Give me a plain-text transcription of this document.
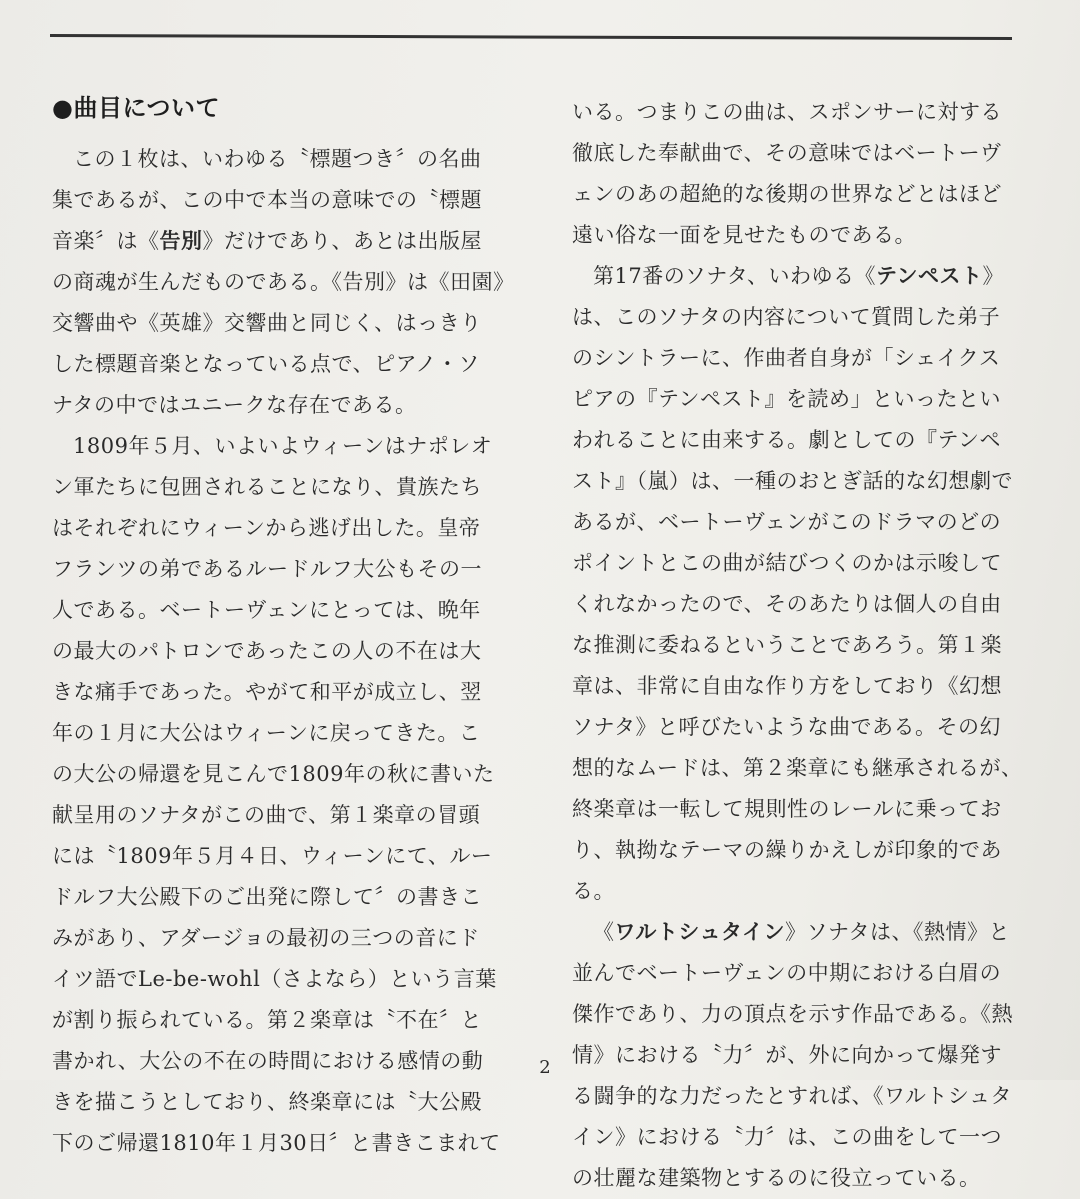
●曲目について
この１枚は、いわゆる〝標題つき〞の名曲
集であるが、この中で本当の意味での〝標題
音楽〞は《告別》だけであり、あとは出版屋
の商魂が生んだものである。《告別》は《田園》
交響曲や《英雄》交響曲と同じく、はっきり
した標題音楽となっている点で、ピアノ・ソ
ナタの中ではユニークな存在である。
1809年５月、いよいよウィーンはナポレオ
ン軍たちに包囲されることになり、貴族たち
はそれぞれにウィーンから逃げ出した。皇帝
フランツの弟であるルードルフ大公もその一
人である。ベートーヴェンにとっては、晩年
の最大のパトロンであったこの人の不在は大
きな痛手であった。やがて和平が成立し、翌
年の１月に大公はウィーンに戻ってきた。こ
の大公の帰還を見こんで1809年の秋に書いた
献呈用のソナタがこの曲で、第１楽章の冒頭
には〝1809年５月４日、ウィーンにて、ルー
ドルフ大公殿下のご出発に際して〞の書きこ
みがあり、アダージョの最初の三つの音にド
イツ語でLe-be-wohl（さよなら）という言葉
が割り振られている。第２楽章は〝不在〞と
書かれ、大公の不在の時間における感情の動
きを描こうとしており、終楽章には〝大公殿
下のご帰還1810年１月30日〞と書きこまれて
いる。つまりこの曲は、スポンサーに対する
徹底した奉献曲で、その意味ではベートーヴ
ェンのあの超絶的な後期の世界などとはほど
遠い俗な一面を見せたものである。
第17番のソナタ、いわゆる《テンペスト》
は、このソナタの内容について質問した弟子
のシントラーに、作曲者自身が「シェイクス
ピアの『テンペスト』を読め」といったとい
われることに由来する。劇としての『テンペ
スト』（嵐）は、一種のおとぎ話的な幻想劇で
あるが、ベートーヴェンがこのドラマのどの
ポイントとこの曲が結びつくのかは示唆して
くれなかったので、そのあたりは個人の自由
な推測に委ねるということであろう。第１楽
章は、非常に自由な作り方をしており《幻想
ソナタ》と呼びたいような曲である。その幻
想的なムードは、第２楽章にも継承されるが、
終楽章は一転して規則性のレールに乗ってお
り、執拗なテーマの繰りかえしが印象的であ
る。
《ワルトシュタイン》ソナタは、《熱情》と
並んでベートーヴェンの中期における白眉の
傑作であり、力の頂点を示す作品である。《熱
情》における〝力〞が、外に向かって爆発す
る闘争的な力だったとすれば、《ワルトシュタ
イン》における〝力〞は、この曲をして一つ
の壮麗な建築物とするのに役立っている。
2
